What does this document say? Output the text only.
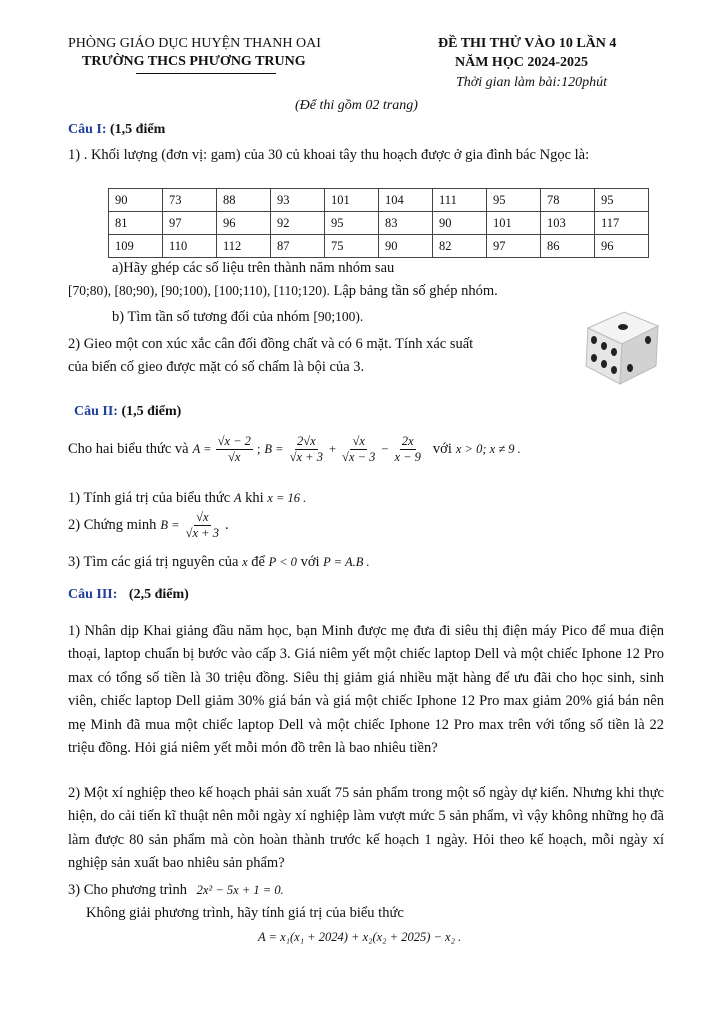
PHÒNG GIÁO DỤC HUYỆN THANH OAI
TRƯỜNG THCS PHƯƠNG TRUNG
ĐỀ THI THỬ VÀO 10 LẦN 4
NĂM HỌC 2024-2025
Thời gian làm bài:120phút
(Để thi gồm 02 trang)
Câu I: (1,5 điểm
1) . Khối lượng (đơn vị: gam) của 30 củ khoai tây thu hoạch được ở gia đình bác Ngọc là:
90	73	88	93	101	104	111	95	78	95
81	97	96	92	95	83	90	101	103	117
109	110	112	87	75	90	82	97	86	96
a)Hãy ghép các số liệu trên thành năm nhóm sau
[70;80), [80;90), [90;100), [100;110), [110;120). Lập bảng tần số ghép nhóm.
b) Tìm tần số tương đối của nhóm [90;100).
2) Gieo một con xúc xắc cân đối đồng chất và có 6 mặt. Tính xác suất
của biến cố gieo được mặt có số chấm là bội của 3.
Câu II: (1,5 điểm)
Cho hai biểu thức và $A = \frac{√x - 2}{√x}$ ; $B = \frac{2√x}{√x + 3} + \frac{√x}{√x - 3} - \frac{2x}{x - 9}$ với x > 0; x ≠ 9 .
1) Tính giá trị của biểu thức A khi x = 16 .
2) Chứng minh $B = \frac{√x}{√x + 3}$ .
3) Tìm các giá trị nguyên của x để P < 0 với P = A.B .
Câu III: (2,5 điểm)
1) Nhân dịp Khai giảng đầu năm học, bạn Minh được mẹ đưa đi siêu thị điện máy Pico để mua điện thoại, laptop chuẩn bị bước vào cấp 3. Giá niêm yết một chiếc laptop Dell và một chiếc Iphone 12 Pro max có tổng số tiền là 30 triệu đồng. Siêu thị giảm giá nhiều mặt hàng để ưu đãi cho học sinh, sinh viên, chiếc laptop Dell giảm 30% giá bán và giá một chiếc Iphone 12 Pro max giảm 20% giá bán nên mẹ Minh đã mua một chiếc laptop Dell và một chiếc Iphone 12 Pro max trên với tổng số tiền là 22 triệu đồng. Hỏi giá niêm yết mỗi món đồ trên là bao nhiêu tiền?
2) Một xí nghiệp theo kế hoạch phải sản xuất 75 sản phẩm trong một số ngày dự kiến. Nhưng khi thực hiện, do cải tiến kĩ thuật nên mỗi ngày xí nghiệp làm vượt mức 5 sản phẩm, vì vậy không những họ đã làm được 80 sản phẩm mà còn hoàn thành trước kế hoạch 1 ngày. Hỏi theo kế hoạch, mỗi ngày xí nghiệp sản xuất bao nhiêu sản phẩm?
3) Cho phương trình 2x² − 5x + 1 = 0.
Không giải phương trình, hãy tính giá trị của biểu thức
A = x₁(x₁ + 2024) + x₂(x₂ + 2025) − x₂ .
